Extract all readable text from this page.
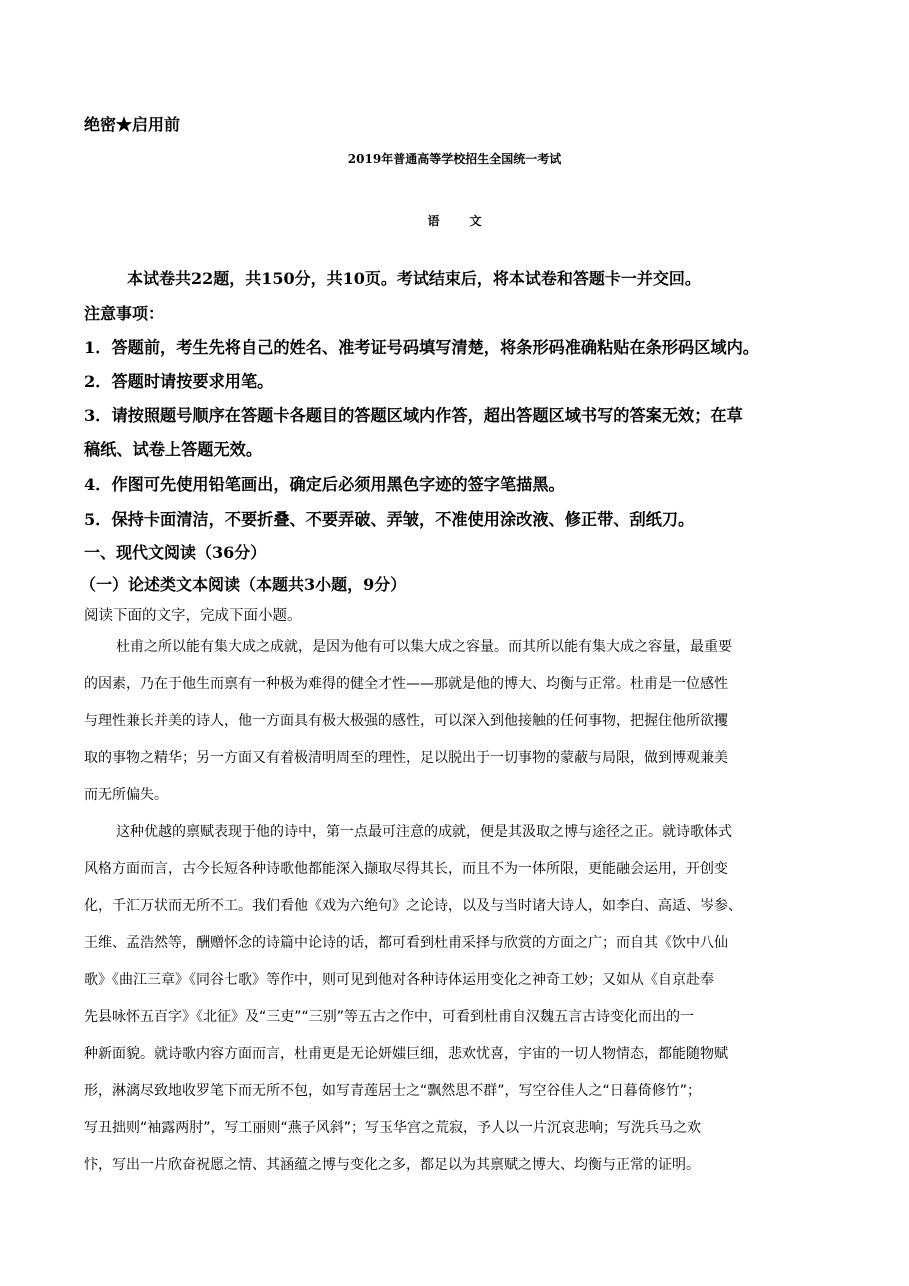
绝密★启用前
2019年普通高等学校招生全国统一考试
语文
本试卷共22题，共150分，共10页。考试结束后，将本试卷和答题卡一并交回。
注意事项：
1．答题前，考生先将自己的姓名、准考证号码填写清楚，将条形码准确粘贴在条形码区域内。
2．答题时请按要求用笔。
3．请按照题号顺序在答题卡各题目的答题区域内作答，超出答题区域书写的答案无效；在草
稿纸、试卷上答题无效。
4．作图可先使用铅笔画出，确定后必须用黑色字迹的签字笔描黑。
5．保持卡面清洁，不要折叠、不要弄破、弄皱，不准使用涂改液、修正带、刮纸刀。
一、现代文阅读（36分）
（一）论述类文本阅读（本题共3小题，9分）
阅读下面的文字，完成下面小题。
杜甫之所以能有集大成之成就，是因为他有可以集大成之容量。而其所以能有集大成之容量，最重要
的因素，乃在于他生而禀有一种极为难得的健全才性——那就是他的博大、均衡与正常。杜甫是一位感性
与理性兼长并美的诗人，他一方面具有极大极强的感性，可以深入到他接触的任何事物，把握住他所欲攫
取的事物之精华；另一方面又有着极清明周至的理性，足以脱出于一切事物的蒙蔽与局限，做到博观兼美
而无所偏失。
这种优越的禀赋表现于他的诗中，第一点最可注意的成就，便是其汲取之博与途径之正。就诗歌体式
风格方面而言，古今长短各种诗歌他都能深入撷取尽得其长，而且不为一体所限，更能融会运用，开创变
化，千汇万状而无所不工。我们看他《戏为六绝句》之论诗，以及与当时诸大诗人，如李白、高适、岑参、
王维、孟浩然等，酬赠怀念的诗篇中论诗的话，都可看到杜甫采择与欣赏的方面之广；而自其《饮中八仙
歌》《曲江三章》《同谷七歌》等作中，则可见到他对各种诗体运用变化之神奇工妙；又如从《自京赴奉
先县咏怀五百字》《北征》及“三吏”“三别”等五古之作中，可看到杜甫自汉魏五言古诗变化而出的一
种新面貌。就诗歌内容方面而言，杜甫更是无论妍媸巨细，悲欢忧喜，宇宙的一切人物情态，都能随物赋
形，淋漓尽致地收罗笔下而无所不包，如写青莲居士之“飘然思不群”，写空谷佳人之“日暮倚修竹”；
写丑拙则“袖露两肘”，写工丽则“燕子风斜”；写玉华宫之荒寂，予人以一片沉哀悲响；写洗兵马之欢
忭，写出一片欣奋祝愿之情、其涵蕴之博与变化之多，都足以为其禀赋之博大、均衡与正常的证明。
